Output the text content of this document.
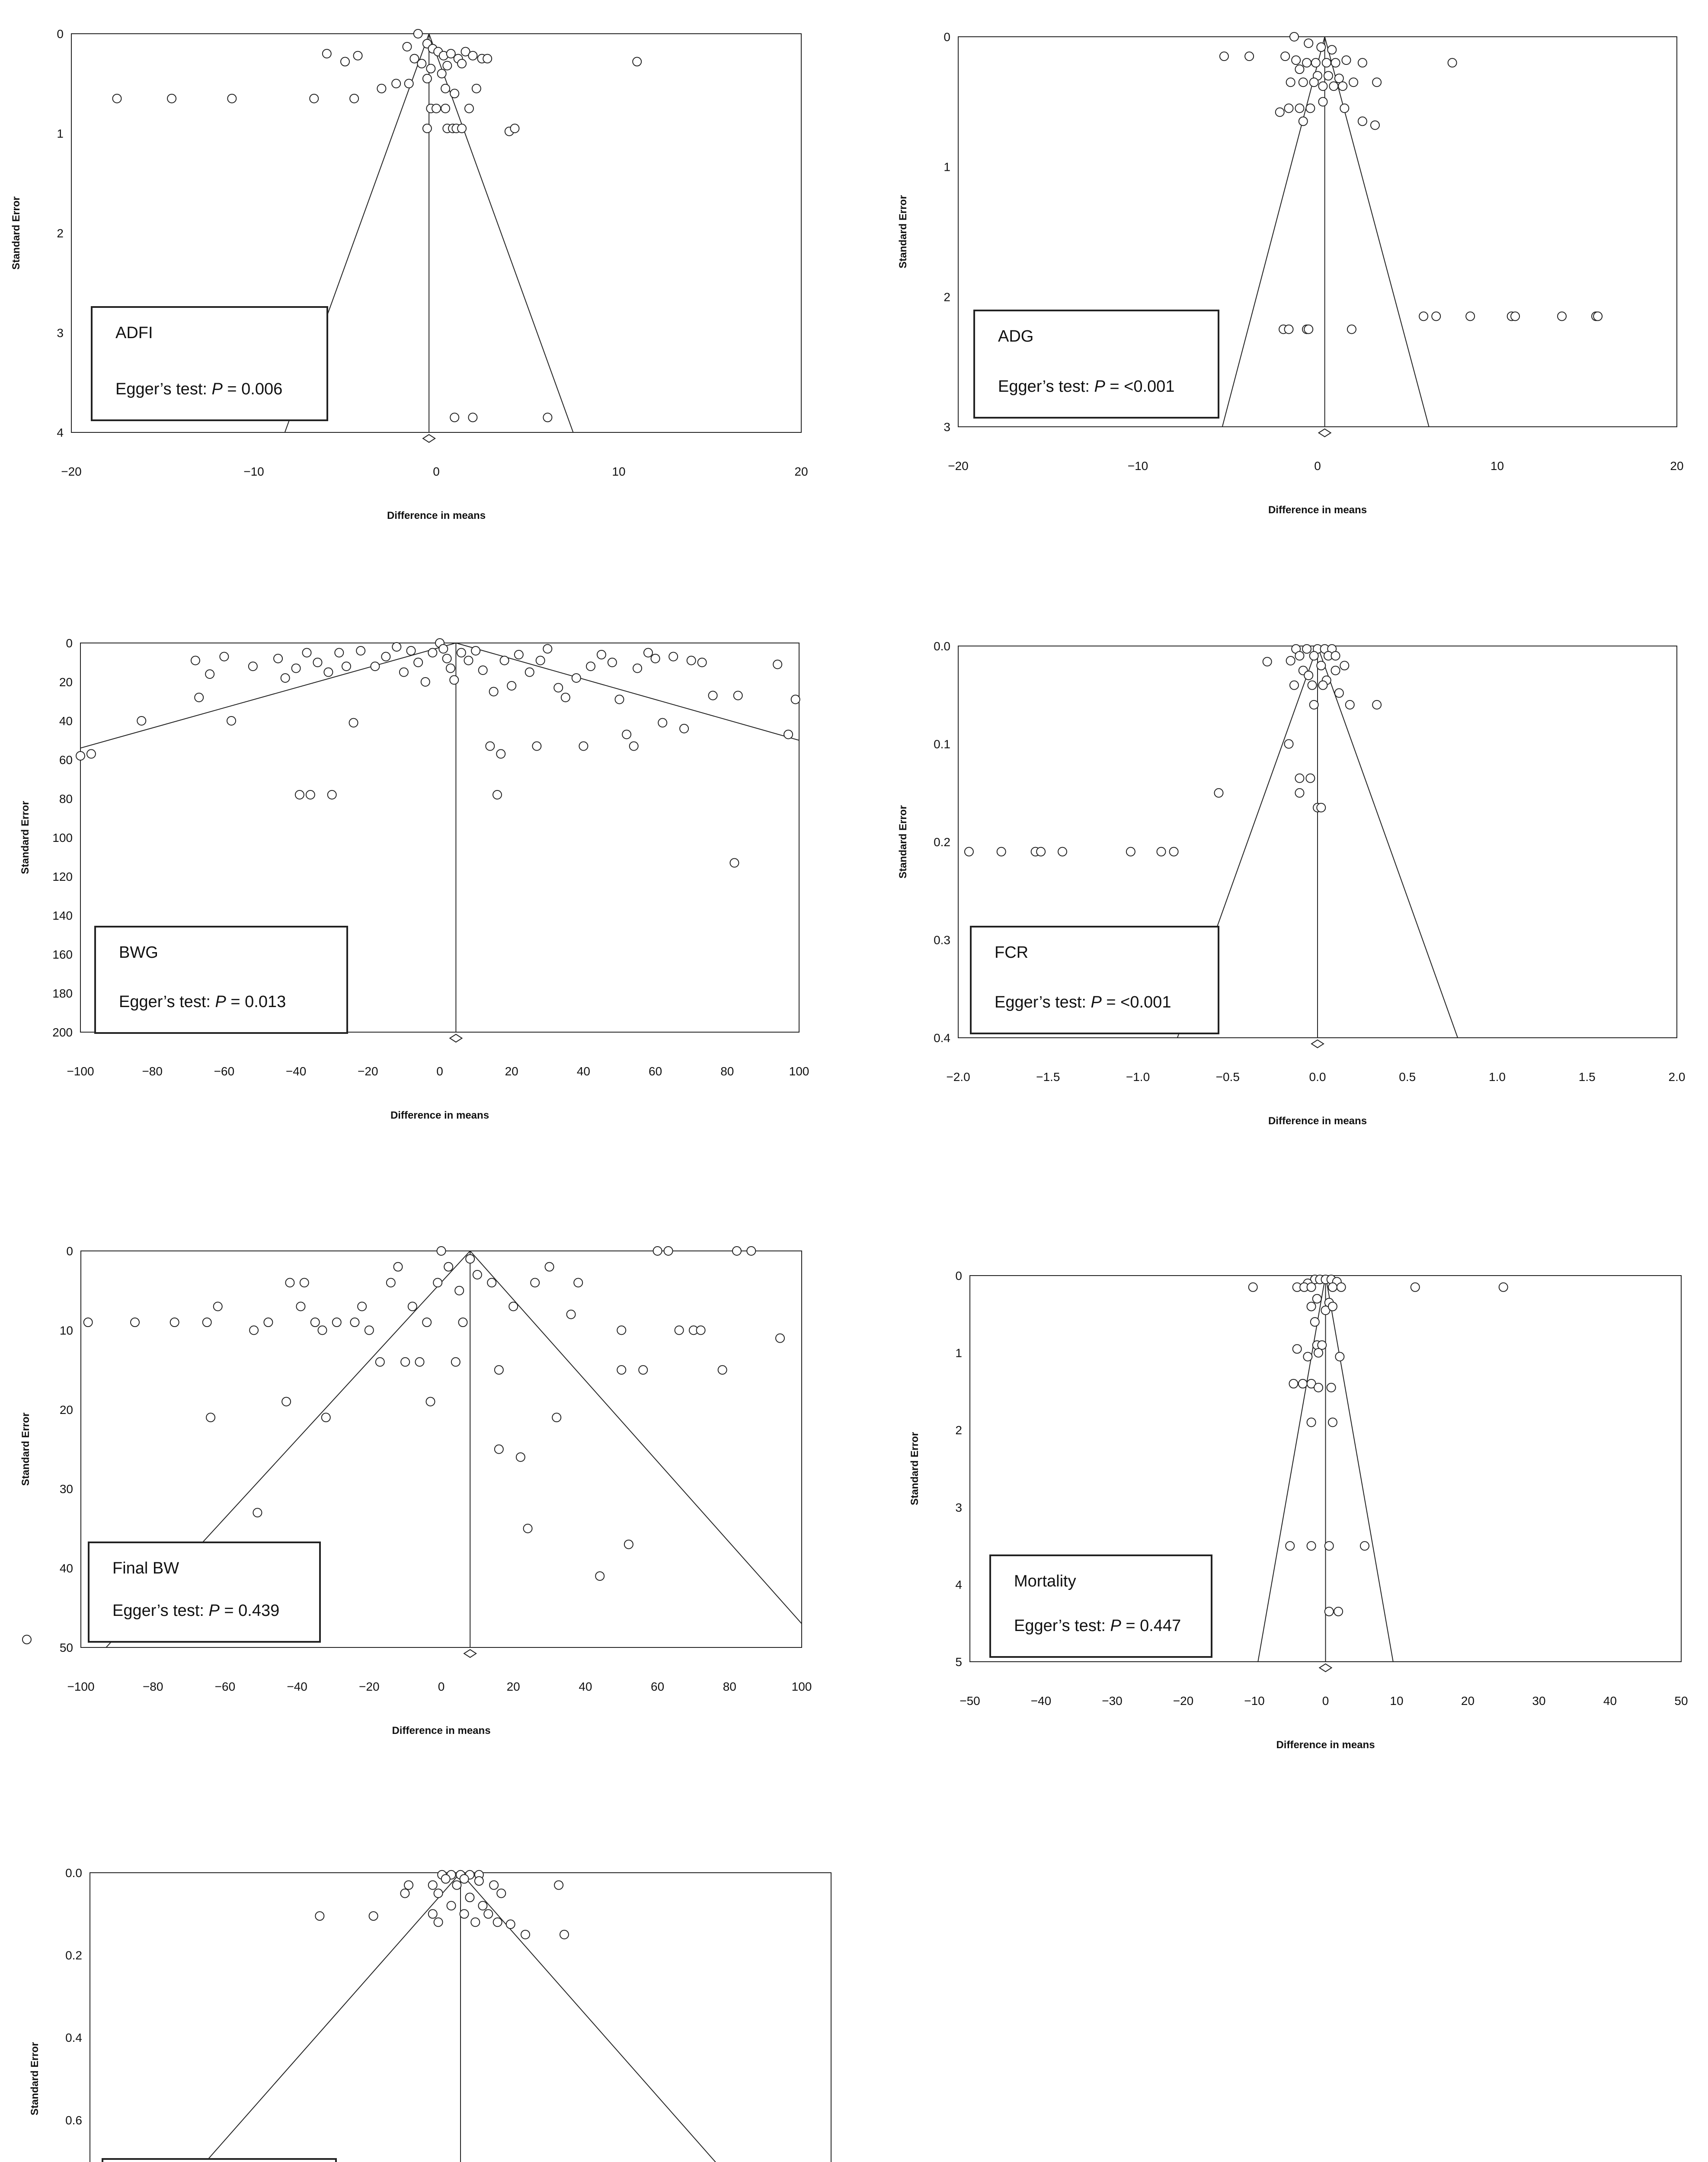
−20	−10	0	10	20
0
1
2
3
4
Difference in means
Standard Error
ADFI
Egger’s test: P = 0.006
−20	−10	0	10	20
0
1
2
3
Difference in means
Standard Error
ADG
Egger’s test: P = <0.001
−100	−80	−60	−40	−20	0	20	40	60	80	100
0
20
40
60
80
100
120
140
160
180
200
Difference in means
Standard Error
BWG
Egger’s test: P = 0.013
−2.0	−1.5	−1.0	−0.5	0.0	0.5	1.0	1.5	2.0
0.0
0.1
0.2
0.3
0.4
Difference in means
Standard Error
FCR
Egger’s test: P = <0.001
−100	−80	−60	−40	−20	0	20	40	60	80	100
0
10
20
30
40
50
Difference in means
Standard Error
Final BW
Egger’s test: P = 0.439
−50	−40	−30	−20	−10	0	10	20	30	40	50
0
1
2
3
4
5
Difference in means
Standard Error
Mortality
Egger’s test: P = 0.447
0.0
0.2
0.4
0.6
Standard Error
